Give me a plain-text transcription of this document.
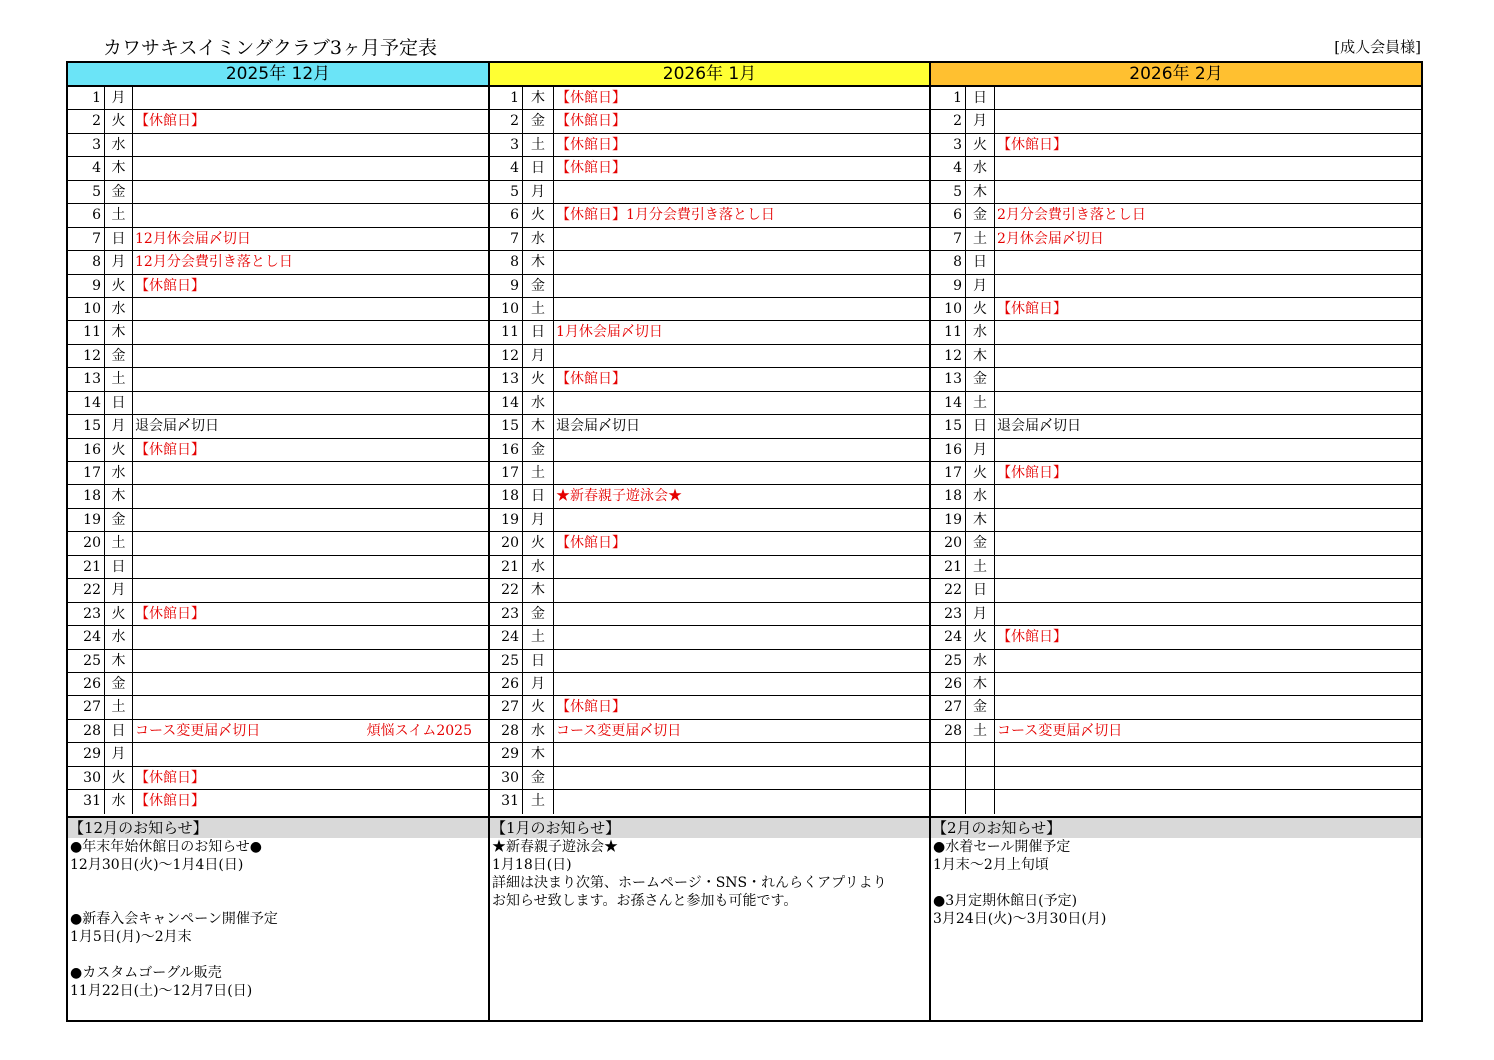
カワサキスイミングクラブ3ヶ月予定表	[成人会員様]
2025年 12月
1 月
2 火 【休館日】
3 水
4 木
5 金
6 土
7 日 12月休会届〆切日
8 月 12月分会費引き落とし日
9 火 【休館日】
10 水
11 木
12 金
13 土
14 日
15 月 退会届〆切日
16 火 【休館日】
17 水
18 木
19 金
20 土
21 日
22 月
23 火 【休館日】
24 水
25 木
26 金
27 土
28 日 コース変更届〆切日	煩悩スイム2025
29 月
30 火 【休館日】
31 水 【休館日】
【12月のお知らせ】
●年末年始休館日のお知らせ●
12月30日(火)～1月4日(日)
●新春入会キャンペーン開催予定
1月5日(月)～2月末
●カスタムゴーグル販売
11月22日(土)～12月7日(日)
2026年 1月
1 木 【休館日】
2 金 【休館日】
3 土 【休館日】
4 日 【休館日】
5 月
6 火 【休館日】1月分会費引き落とし日
7 水
8 木
9 金
10 土
11 日 1月休会届〆切日
12 月
13 火 【休館日】
14 水
15 木 退会届〆切日
16 金
17 土
18 日 ★新春親子遊泳会★
19 月
20 火 【休館日】
21 水
22 木
23 金
24 土
25 日
26 月
27 火 【休館日】
28 水 コース変更届〆切日
29 木
30 金
31 土
【1月のお知らせ】
★新春親子遊泳会★
1月18日(日)
詳細は決まり次第、ホームページ・SNS・れんらくアプリより
お知らせ致します。お孫さんと参加も可能です。
2026年 2月
1 日
2 月
3 火 【休館日】
4 水
5 木
6 金 2月分会費引き落とし日
7 土 2月休会届〆切日
8 日
9 月
10 火 【休館日】
11 水
12 木
13 金
14 土
15 日 退会届〆切日
16 月
17 火 【休館日】
18 水
19 木
20 金
21 土
22 日
23 月
24 火 【休館日】
25 水
26 木
27 金
28 土 コース変更届〆切日
【2月のお知らせ】
●水着セール開催予定
1月末～2月上旬頃
●3月定期休館日(予定)
3月24日(火)～3月30日(月)
